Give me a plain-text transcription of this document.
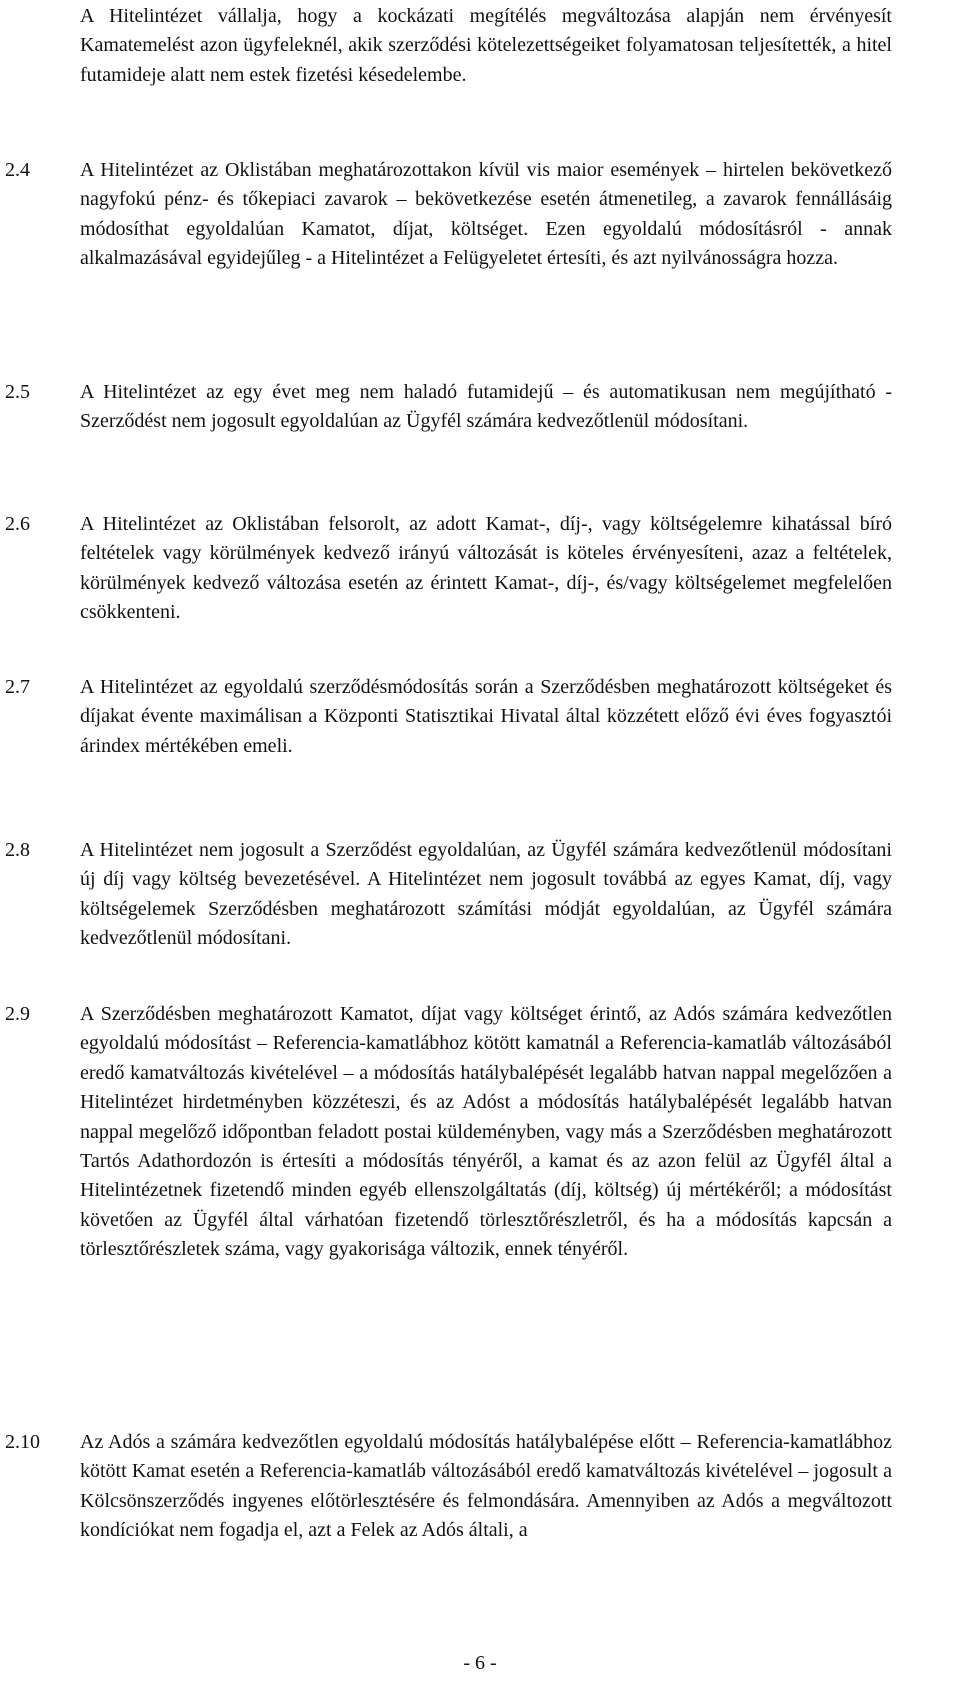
A Hitelintézet vállalja, hogy a kockázati megítélés megváltozása alapján nem érvényesít Kamatemelést azon ügyfeleknél, akik szerződési kötelezettségeiket folyamatosan teljesítették, a hitel futamideje alatt nem estek fizetési késedelembe.

2.4	A Hitelintézet az Oklistában meghatározottakon kívül vis maior események – hirtelen bekövetkező nagyfokú pénz- és tőkepiaci zavarok – bekövetkezése esetén átmenetileg, a zavarok fennállásáig módosíthat egyoldalúan Kamatot, díjat, költséget. Ezen egyoldalú módosításról - annak alkalmazásával egyidejűleg - a Hitelintézet a Felügyeletet értesíti, és azt nyilvánosságra hozza.

2.5	A Hitelintézet az egy évet meg nem haladó futamidejű – és automatikusan nem megújítható - Szerződést nem jogosult egyoldalúan az Ügyfél számára kedvezőtlenül módosítani.

2.6	A Hitelintézet az Oklistában felsorolt, az adott Kamat-, díj-, vagy költségelemre kihatással bíró feltételek vagy körülmények kedvező irányú változását is köteles érvényesíteni, azaz a feltételek, körülmények kedvező változása esetén az érintett Kamat-, díj-, és/vagy költségelemet megfelelően csökkenteni.

2.7	A Hitelintézet az egyoldalú szerződésmódosítás során a Szerződésben meghatározott költségeket és díjakat évente maximálisan a Központi Statisztikai Hivatal által közzétett előző évi éves fogyasztói árindex mértékében emeli.

2.8	A Hitelintézet nem jogosult a Szerződést egyoldalúan, az Ügyfél számára kedvezőtlenül módosítani új díj vagy költség bevezetésével. A Hitelintézet nem jogosult továbbá az egyes Kamat, díj, vagy költségelemek Szerződésben meghatározott számítási módját egyoldalúan, az Ügyfél számára kedvezőtlenül módosítani.

2.9	A Szerződésben meghatározott Kamatot, díjat vagy költséget érintő, az Adós számára kedvezőtlen egyoldalú módosítást – Referencia-kamatlábhoz kötött kamatnál a Referencia-kamatláb változásából eredő kamatváltozás kivételével – a módosítás hatálybalépését legalább hatvan nappal megelőzően a Hitelintézet hirdetményben közzéteszi, és az Adóst a módosítás hatálybalépését legalább hatvan nappal megelőző időpontban feladott postai küldeményben, vagy más a Szerződésben meghatározott Tartós Adathordozón is értesíti a módosítás tényéről, a kamat és az azon felül az Ügyfél által a Hitelintézetnek fizetendő minden egyéb ellenszolgáltatás (díj, költség) új mértékéről; a módosítást követően az Ügyfél által várhatóan fizetendő törlesztőrészletről, és ha a módosítás kapcsán a törlesztőrészletek száma, vagy gyakorisága változik, ennek tényéről.

2.10	Az Adós a számára kedvezőtlen egyoldalú módosítás hatálybalépése előtt – Referencia-kamatlábhoz kötött Kamat esetén a Referencia-kamatláb változásából eredő kamatváltozás kivételével – jogosult a Kölcsönszerződés ingyenes előtörlesztésére és felmondására. Amennyiben az Adós a megváltozott kondíciókat nem fogadja el, azt a Felek az Adós általi, a

- 6 -
